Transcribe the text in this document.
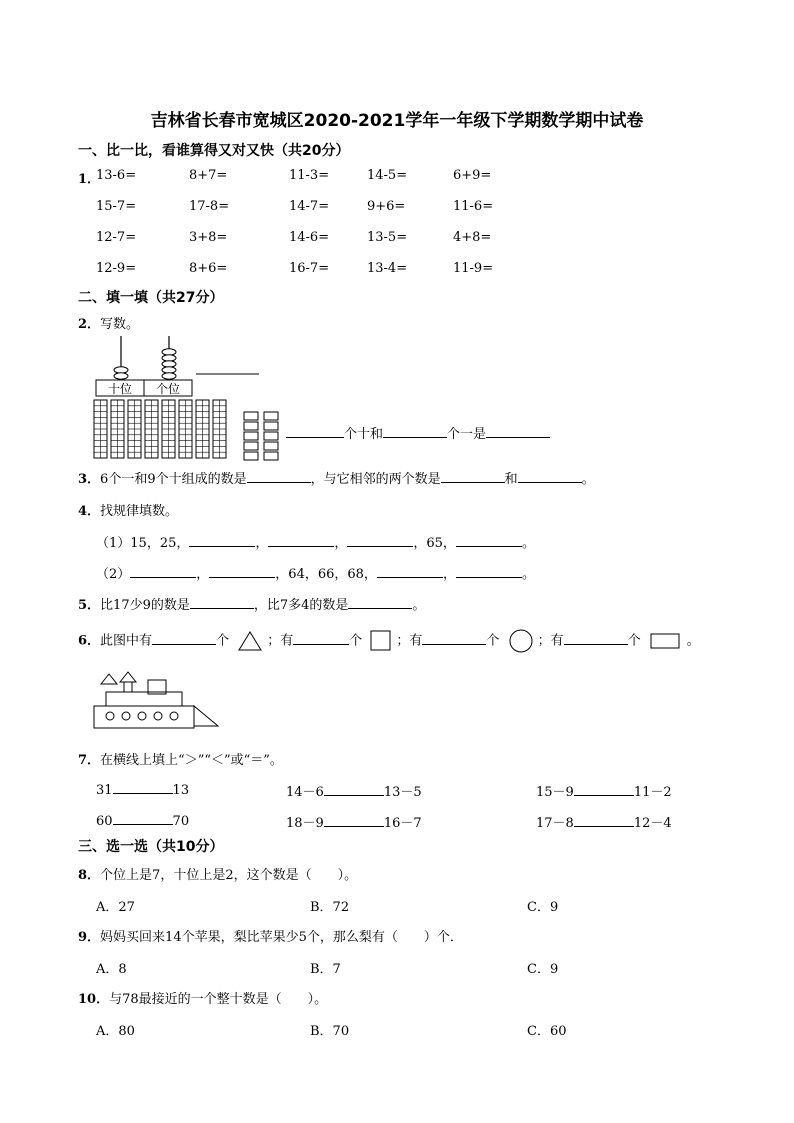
吉林省长春市宽城区2020-2021学年一年级下学期数学期中试卷
一、比一比，看谁算得又对又快（共20分）
1．
13-6=	8+7=	11-3=	14-5=	6+9=
15-7=	17-8=	14-7=	9+6=	11-6=
12-7=	3+8=	14-6=	13-5=	4+8=
12-9=	8+6=	16-7=	13-4=	11-9=
二、填一填（共27分）
2．写数。
十位 个位
个十和	个一是
3．6个一和9个十组成的数是	，与它相邻的两个数是	和	。
4．找规律填数。
（1）15，25，	，	，	，65，	。
（2）	，	，64，66，68，	，	。
5．比17少9的数是	，比7多4的数是	。
6．此图中有	个	；有	个	；有	个	；有	个	。
7．在横线上填上“＞”“＜”或“＝”。
31	13	14－6	13－5	15－9	11－2
60	70	18－9	16－7	17－8	12－4
三、选一选（共10分）
8．个位上是7，十位上是2，这个数是（　　）。
A．27	B．72	C．9
9．妈妈买回来14个苹果，梨比苹果少5个，那么梨有（　　）个．
A．8	B．7	C．9
10．与78最接近的一个整十数是（　　）。
A．80	B．70	C．60
